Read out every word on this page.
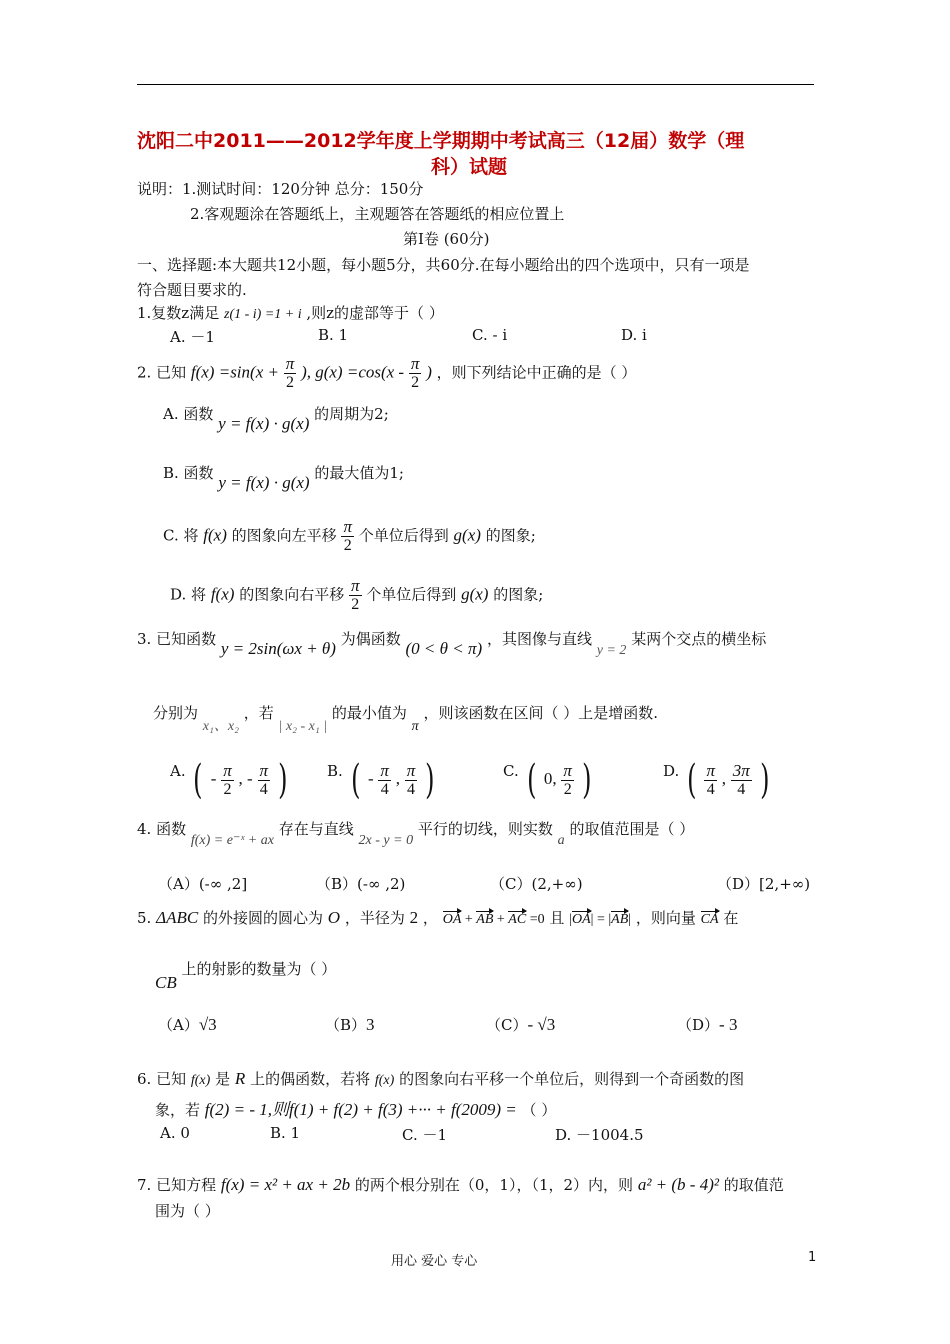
沈阳二中2011——2012学年度上学期期中考试高三（12届）数学（理
科）试题
说明：1.测试时间：120分钟 总分：150分
2.客观题涂在答题纸上，主观题答在答题纸的相应位置上
第Ⅰ卷 (60分)
一、选择题:本大题共12小题，每小题5分，共60分.在每小题给出的四个选项中，只有一项是
符合题目要求的.
1.复数z满足 z(1 - i) =1 + i ,则z的虚部等于（ ）
A. －1	B. 1	C. - i	D. i
2. 已知 $f(x) =\sin(x + \frac{\pi}{2}$ ), $g(x) =\cos(x - \frac{\pi}{2}$ ) ，则下列结论中正确的是（ ）
A. 函数 y = f(x) · g(x) 的周期为2;
B. 函数 y = f(x) · g(x) 的最大值为1;
C. 将 f(x) 的图象向左平移 $\frac{\pi}{2}$ 个单位后得到 g(x) 的图象;
D. 将 f(x) 的图象向右平移 $\frac{\pi}{2}$ 个单位后得到 g(x) 的图象;
3. 已知函数 y = 2sin(ωx + θ) 为偶函数 (0 < θ < π) ，其图像与直线 y = 2 某两个交点的横坐标
分别为 x₁、x₂ ，若 | x₂ - x₁ | 的最小值为 π ，则该函数在区间（ ）上是增函数.
A. ( - $\frac{\pi}{2}$ , - $\frac{\pi}{4}$ )	B. ( - $\frac{\pi}{4}$ , $\frac{\pi}{4}$ )	C. ( 0, $\frac{\pi}{2}$ )	D. ( $\frac{\pi}{4}$ , $\frac{3\pi}{4}$ )
4. 函数 f(x) = e⁻ˣ + ax 存在与直线 2x - y = 0 平行的切线，则实数 a 的取值范围是（ ）
（A）(-∞ ,2]	（B）(-∞ ,2)	（C）(2,+∞)	（D）[2,+∞)
5. ΔABC 的外接圆的圆心为 O ，半径为 2 ， OA + AB + AC =0 且 |OA| = |AB| ，则向量 CA 在
CB 上的射影的数量为（ ）
（A）√3	（B）3	（C）- √3	（D）- 3
6. 已知 f(x) 是 R 上的偶函数，若将 f(x) 的图象向右平移一个单位后，则得到一个奇函数的图
象，若 f(2) = - 1,则f(1) + f(2) + f(3) +··· + f(2009) = （ ）
A. 0	B. 1	C. －1	D. －1004.5
7. 已知方程 f(x) = x² + ax + 2b 的两个根分别在（0，1），（1，2）内，则 a² + (b - 4)² 的取值范
围为（ ）
用心 爱心 专心	1
